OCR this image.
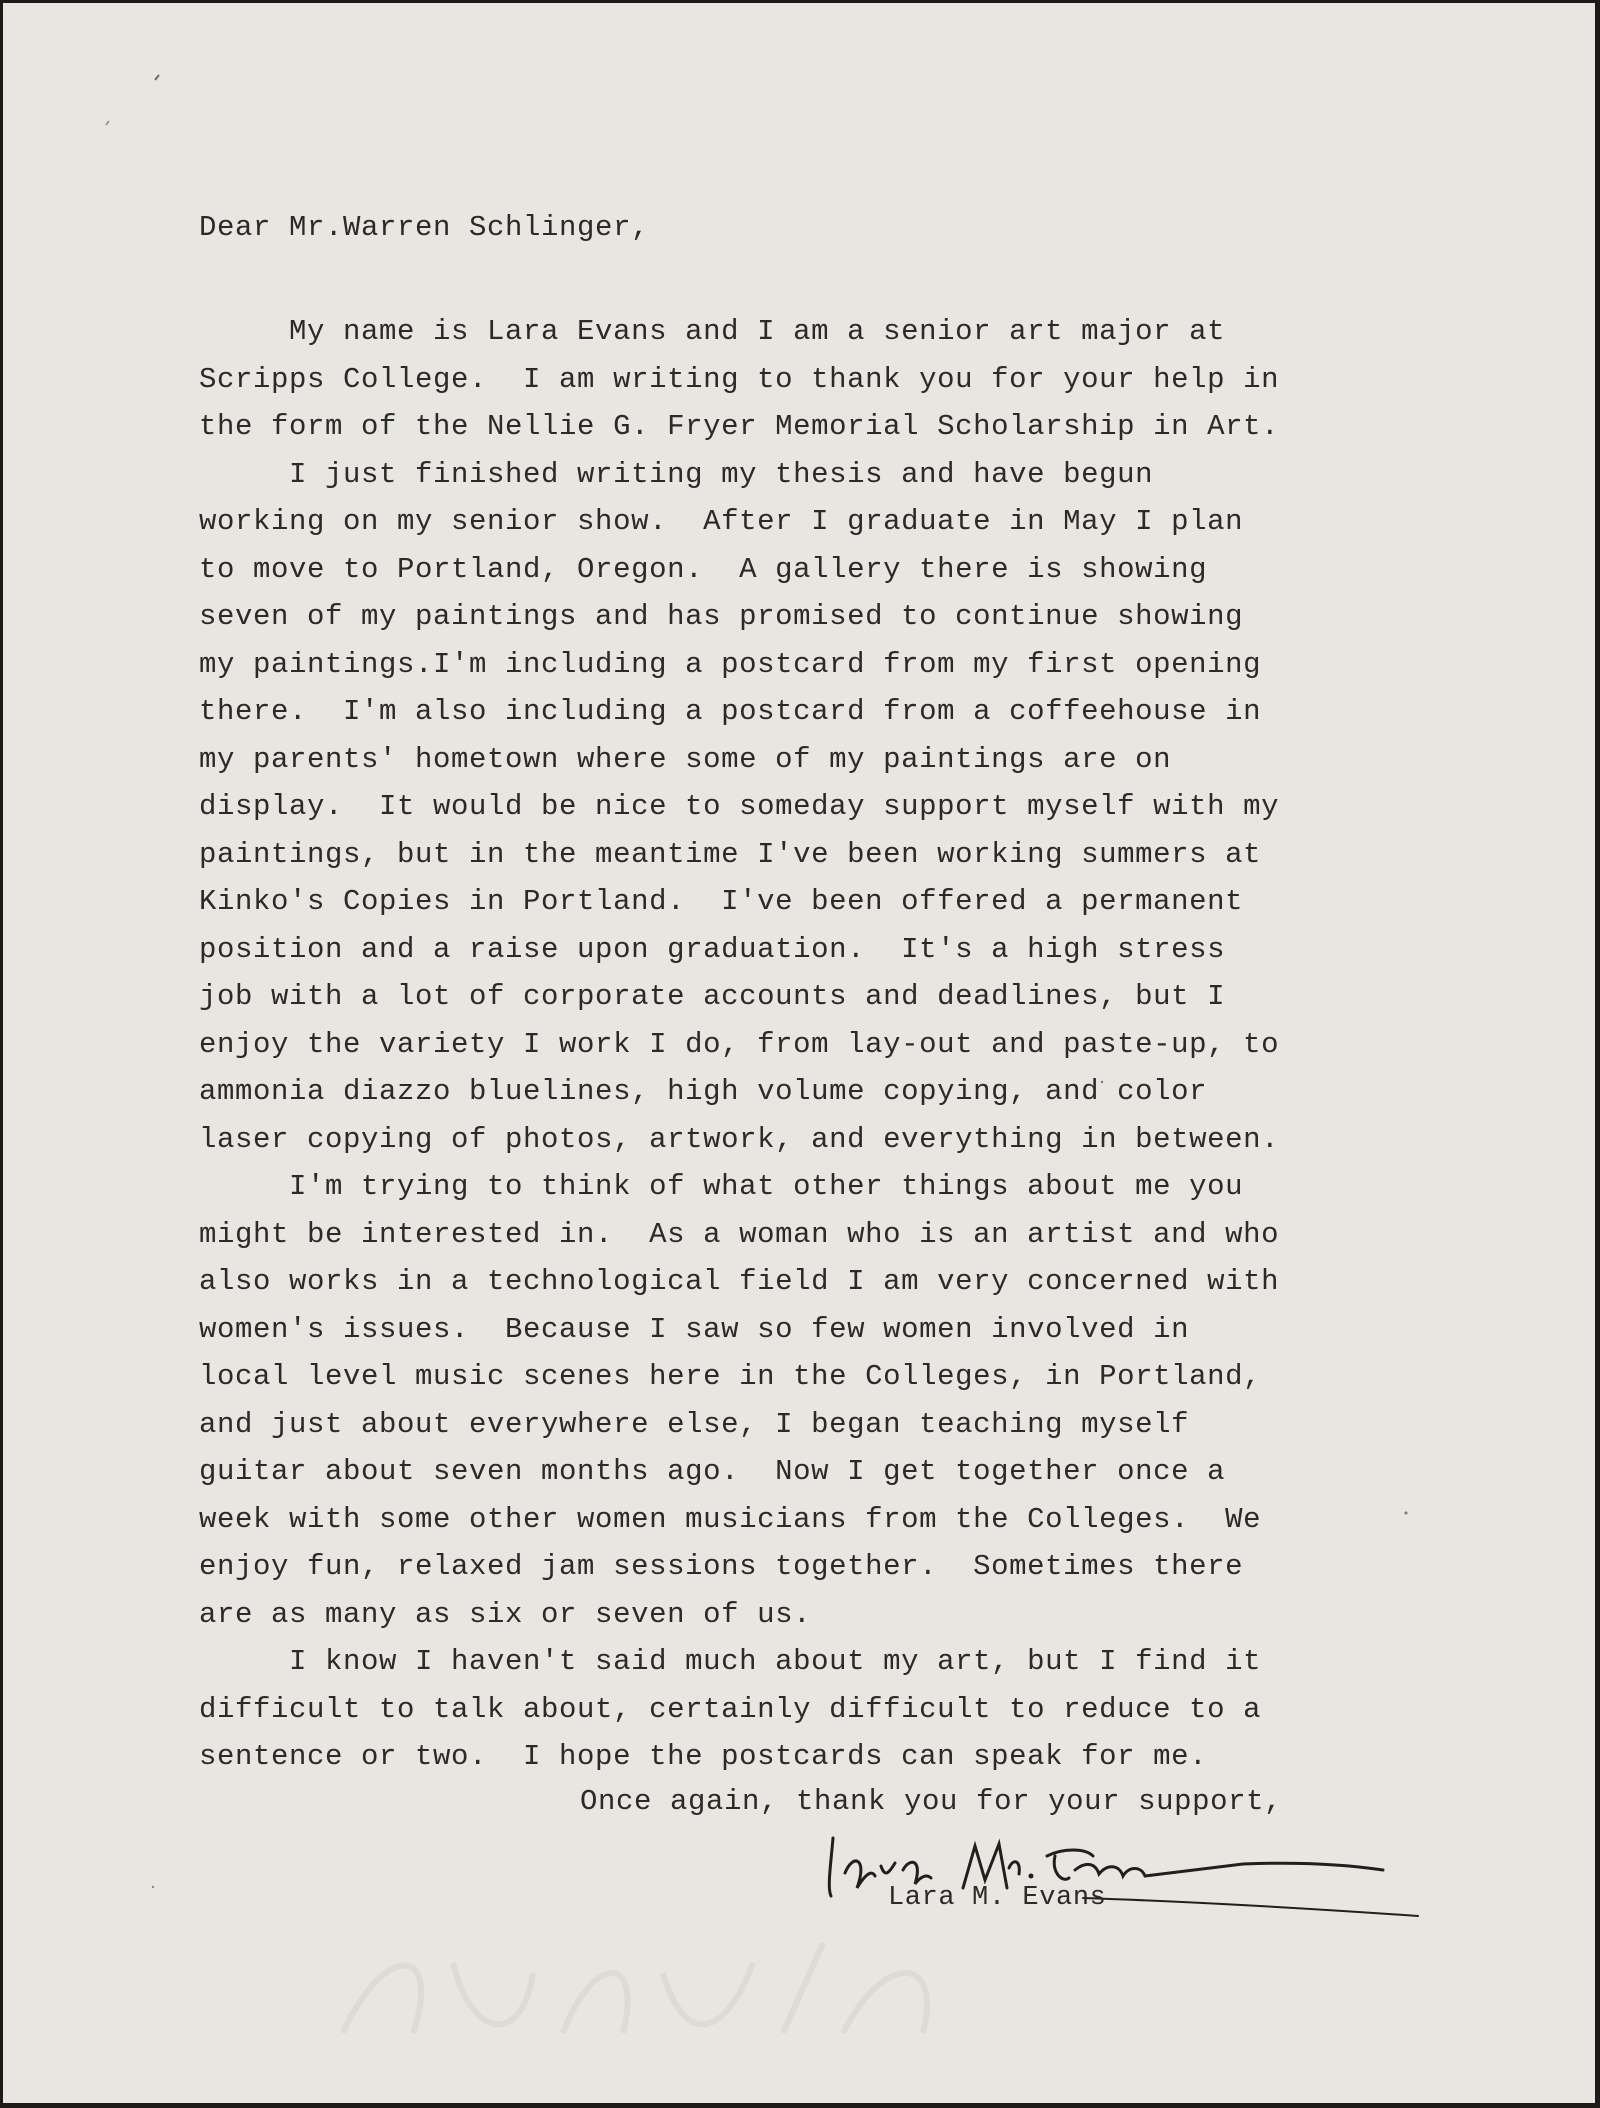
Dear Mr.Warren Schlinger,

My name is Lara Evans and I am a senior art major at
Scripps College.  I am writing to thank you for your help in
the form of the Nellie G. Fryer Memorial Scholarship in Art.
I just finished writing my thesis and have begun
working on my senior show.  After I graduate in May I plan
to move to Portland, Oregon.  A gallery there is showing
seven of my paintings and has promised to continue showing
my paintings.I'm including a postcard from my first opening
there.  I'm also including a postcard from a coffeehouse in
my parents' hometown where some of my paintings are on
display.  It would be nice to someday support myself with my
paintings, but in the meantime I've been working summers at
Kinko's Copies in Portland.  I've been offered a permanent
position and a raise upon graduation.  It's a high stress
job with a lot of corporate accounts and deadlines, but I
enjoy the variety I work I do, from lay-out and paste-up, to
ammonia diazzo bluelines, high volume copying, and color
laser copying of photos, artwork, and everything in between.
I'm trying to think of what other things about me you
might be interested in.  As a woman who is an artist and who
also works in a technological field I am very concerned with
women's issues.  Because I saw so few women involved in
local level music scenes here in the Colleges, in Portland,
and just about everywhere else, I began teaching myself
guitar about seven months ago.  Now I get together once a
week with some other women musicians from the Colleges.  We
enjoy fun, relaxed jam sessions together.  Sometimes there
are as many as six or seven of us.
I know I haven't said much about my art, but I find it
difficult to talk about, certainly difficult to reduce to a
sentence or two.  I hope the postcards can speak for me.

Once again, thank you for your support,

Lara M. Evans
